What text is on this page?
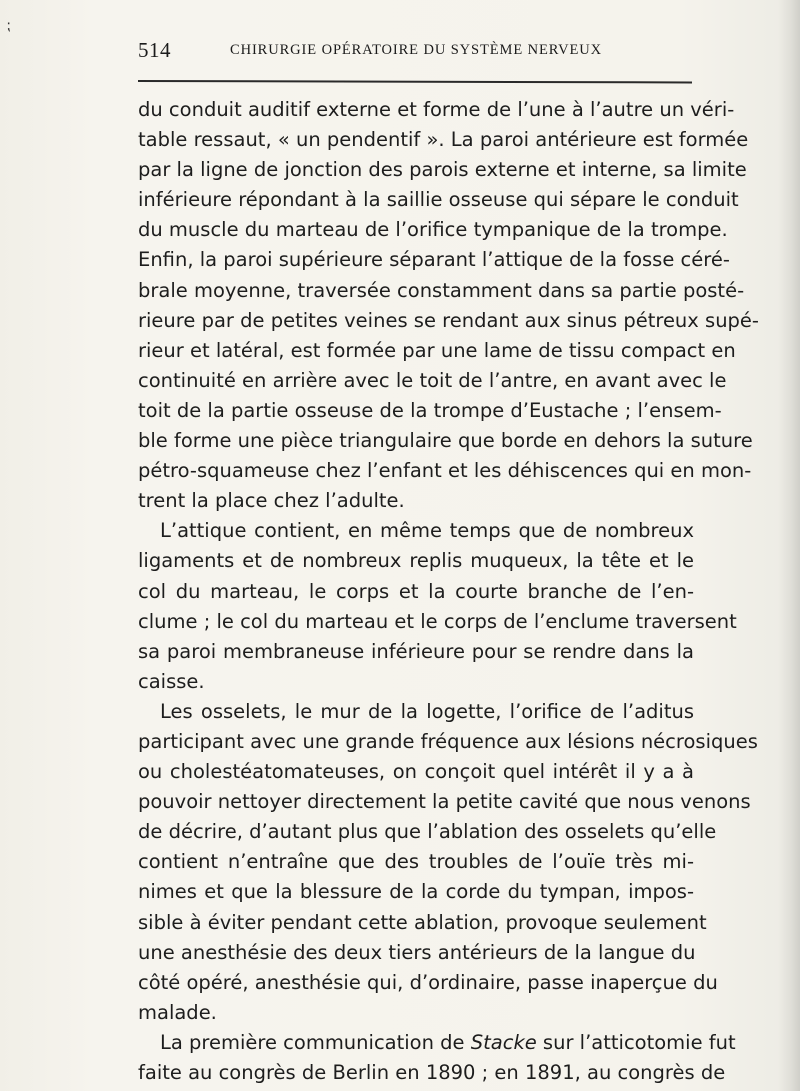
⁏
514	CHIRURGIE OPÉRATOIRE DU SYSTÈME NERVEUX
du conduit auditif externe et forme de l’une à l’autre un véri-
table ressaut, « un pendentif ». La paroi antérieure est formée
par la ligne de jonction des parois externe et interne, sa limite
inférieure répondant à la saillie osseuse qui sépare le conduit
du muscle du marteau de l’orifice tympanique de la trompe.
Enfin, la paroi supérieure séparant l’attique de la fosse céré-
brale moyenne, traversée constamment dans sa partie posté-
rieure par de petites veines se rendant aux sinus pétreux supé-
rieur et latéral, est formée par une lame de tissu compact en
continuité en arrière avec le toit de l’antre, en avant avec le
toit de la partie osseuse de la trompe d’Eustache ; l’ensem-
ble forme une pièce triangulaire que borde en dehors la suture
pétro-squameuse chez l’enfant et les déhiscences qui en mon-
trent la place chez l’adulte.
L’attique contient, en même temps que de nombreux
ligaments et de nombreux replis muqueux, la tête et le
col du marteau, le corps et la courte branche de l’en-
clume ; le col du marteau et le corps de l’enclume traversent
sa paroi membraneuse inférieure pour se rendre dans la
caisse.
Les osselets, le mur de la logette, l’orifice de l’aditus
participant avec une grande fréquence aux lésions nécrosiques
ou cholestéatomateuses, on conçoit quel intérêt il y a à
pouvoir nettoyer directement la petite cavité que nous venons
de décrire, d’autant plus que l’ablation des osselets qu’elle
contient n’entraîne que des troubles de l’ouïe très mi-
nimes et que la blessure de la corde du tympan, impos-
sible à éviter pendant cette ablation, provoque seulement
une anesthésie des deux tiers antérieurs de la langue du
côté opéré, anesthésie qui, d’ordinaire, passe inaperçue du
malade.
La première communication de Stacke sur l’atticotomie fut
faite au congrès de Berlin en 1890 ; en 1891, au congrès de
